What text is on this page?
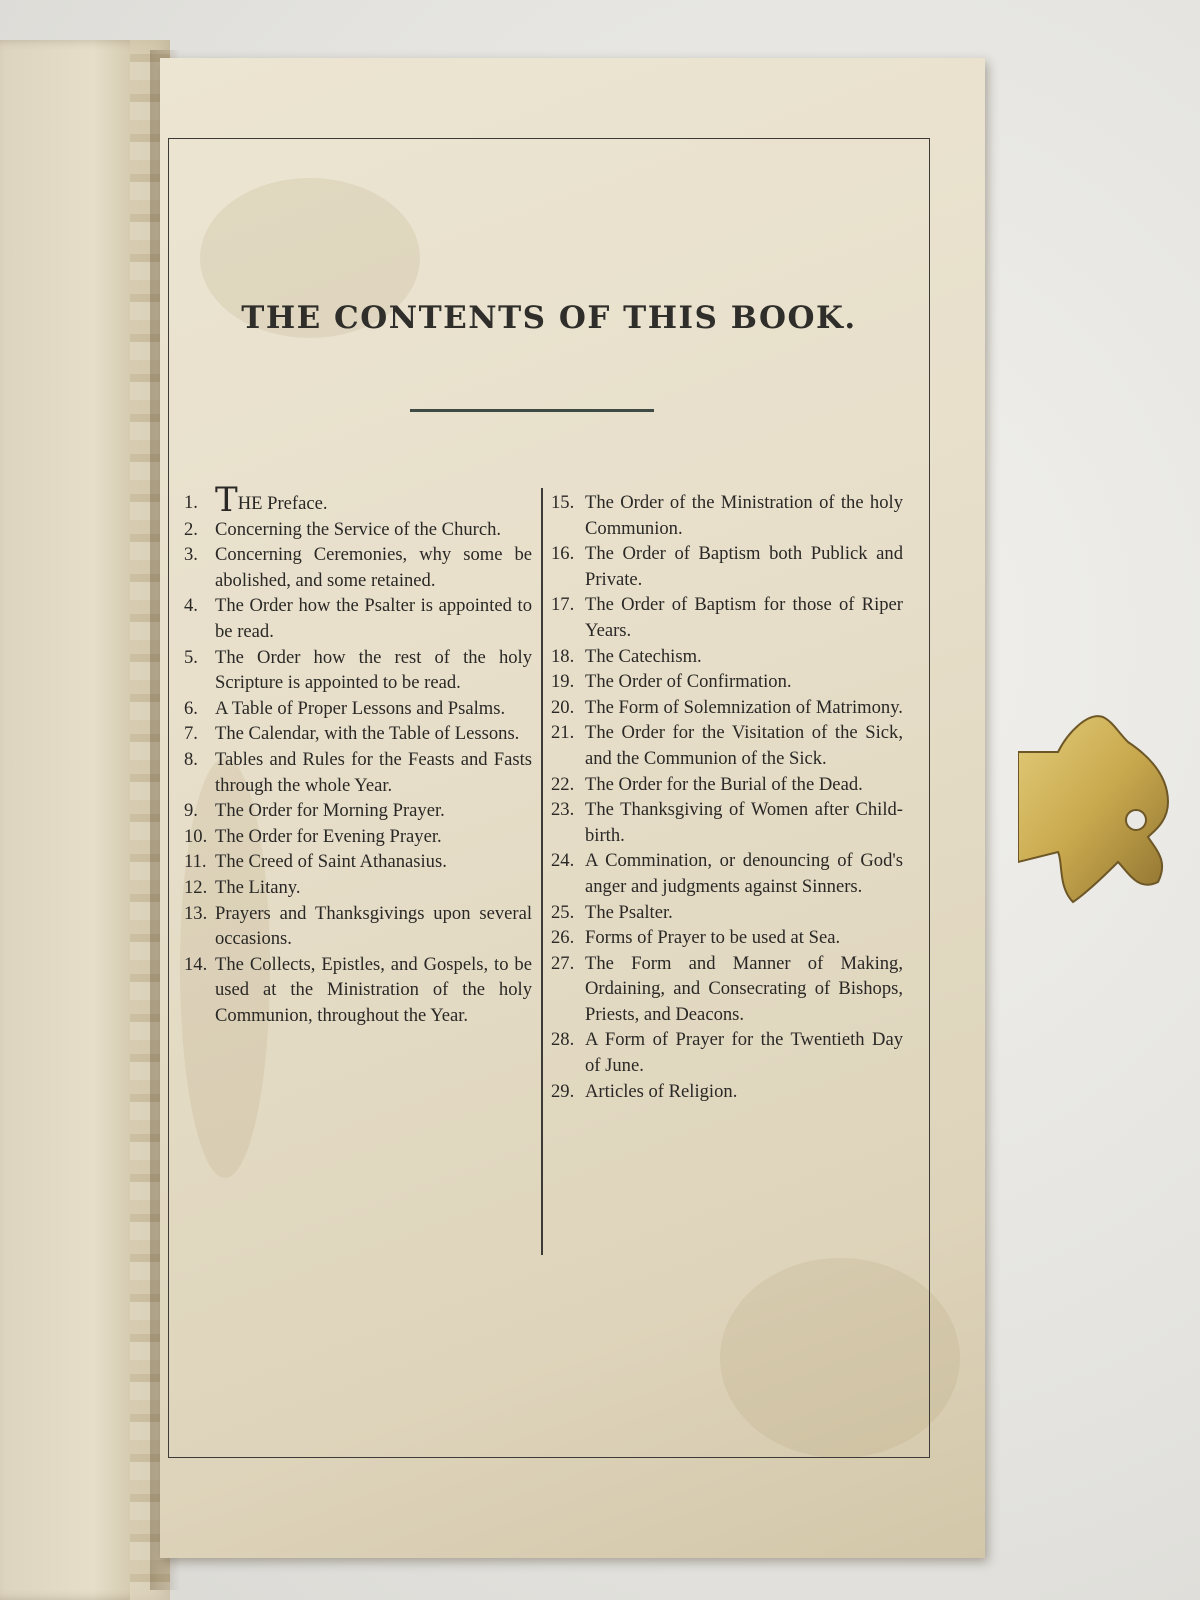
THE CONTENTS OF THIS BOOK.
1. THE Preface.
2. Concerning the Service of the Church.
3. Concerning Ceremonies, why some be abolished, and some retained.
4. The Order how the Psalter is appointed to be read.
5. The Order how the rest of the holy Scripture is appointed to be read.
6. A Table of Proper Lessons and Psalms.
7. The Calendar, with the Table of Lessons.
8. Tables and Rules for the Feasts and Fasts through the whole Year.
9. The Order for Morning Prayer.
10. The Order for Evening Prayer.
11. The Creed of Saint Athanasius.
12. The Litany.
13. Prayers and Thanksgivings upon several occasions.
14. The Collects, Epistles, and Gospels, to be used at the Ministration of the holy Communion, throughout the Year.
15. The Order of the Ministration of the holy Communion.
16. The Order of Baptism both Publick and Private.
17. The Order of Baptism for those of Riper Years.
18. The Catechism.
19. The Order of Confirmation.
20. The Form of Solemnization of Matrimony.
21. The Order for the Visitation of the Sick, and the Communion of the Sick.
22. The Order for the Burial of the Dead.
23. The Thanksgiving of Women after Child-birth.
24. A Commination, or denouncing of God's anger and judgments against Sinners.
25. The Psalter.
26. Forms of Prayer to be used at Sea.
27. The Form and Manner of Making, Ordaining, and Consecrating of Bishops, Priests, and Deacons.
28. A Form of Prayer for the Twentieth Day of June.
29. Articles of Religion.
